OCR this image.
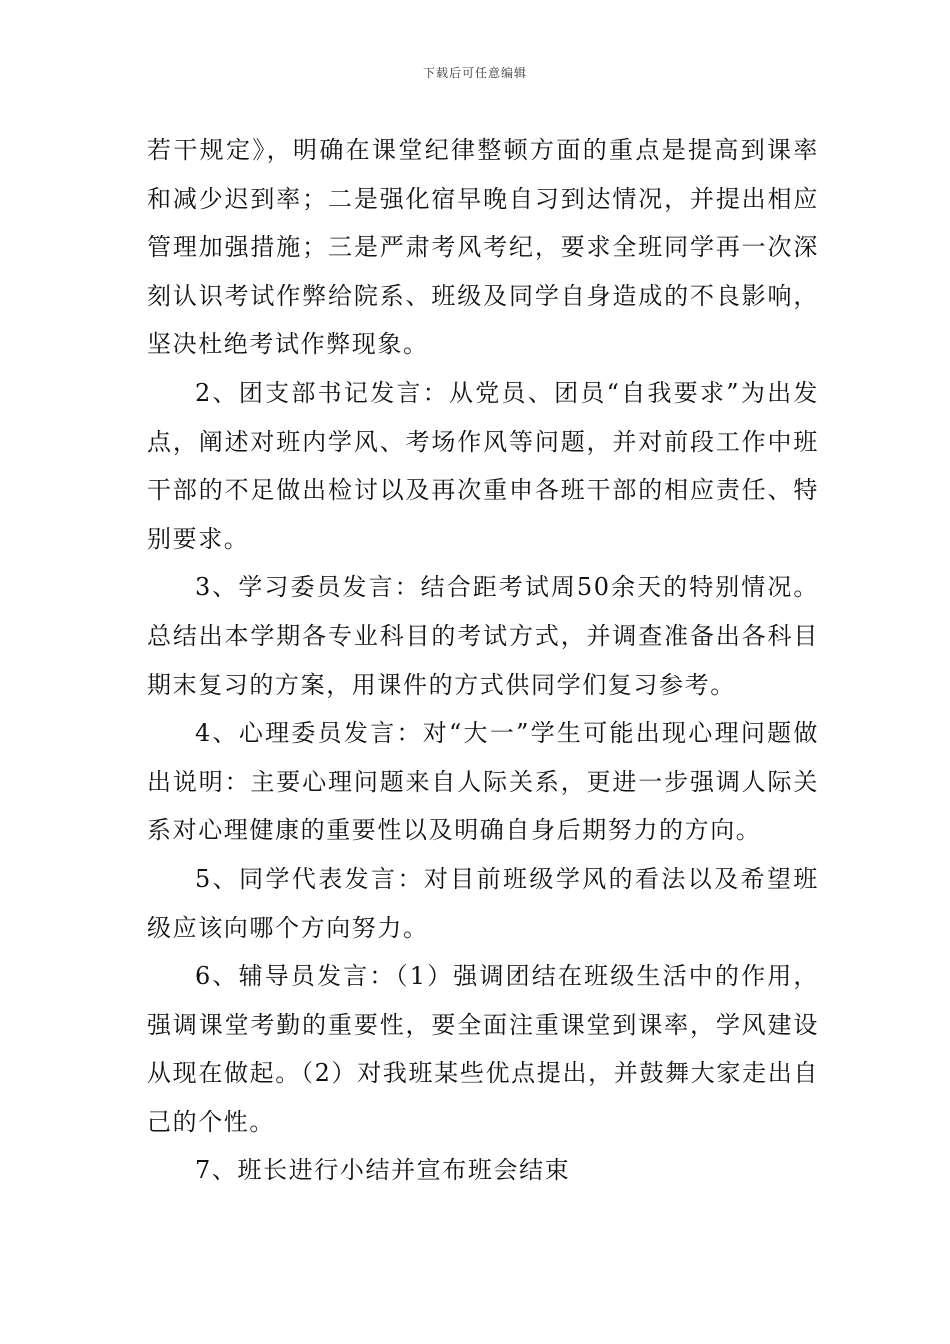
下载后可任意编辑

若干规定》，明确在课堂纪律整顿方面的重点是提高到课率和减少迟到率；二是强化宿早晚自习到达情况，并提出相应管理加强措施；三是严肃考风考纪，要求全班同学再一次深刻认识考试作弊给院系、班级及同学自身造成的不良影响，坚决杜绝考试作弊现象。

2、团支部书记发言：从党员、团员“自我要求”为出发点，阐述对班内学风、考场作风等问题，并对前段工作中班干部的不足做出检讨以及再次重申各班干部的相应责任、特别要求。

3、学习委员发言：结合距考试周50余天的特别情况。总结出本学期各专业科目的考试方式，并调查准备出各科目期末复习的方案，用课件的方式供同学们复习参考。

4、心理委员发言：对“大一”学生可能出现心理问题做出说明：主要心理问题来自人际关系，更进一步强调人际关系对心理健康的重要性以及明确自身后期努力的方向。

5、同学代表发言：对目前班级学风的看法以及希望班级应该向哪个方向努力。

6、辅导员发言：（1）强调团结在班级生活中的作用，强调课堂考勤的重要性，要全面注重课堂到课率，学风建设从现在做起。（2）对我班某些优点提出，并鼓舞大家走出自己的个性。

7、班长进行小结并宣布班会结束
